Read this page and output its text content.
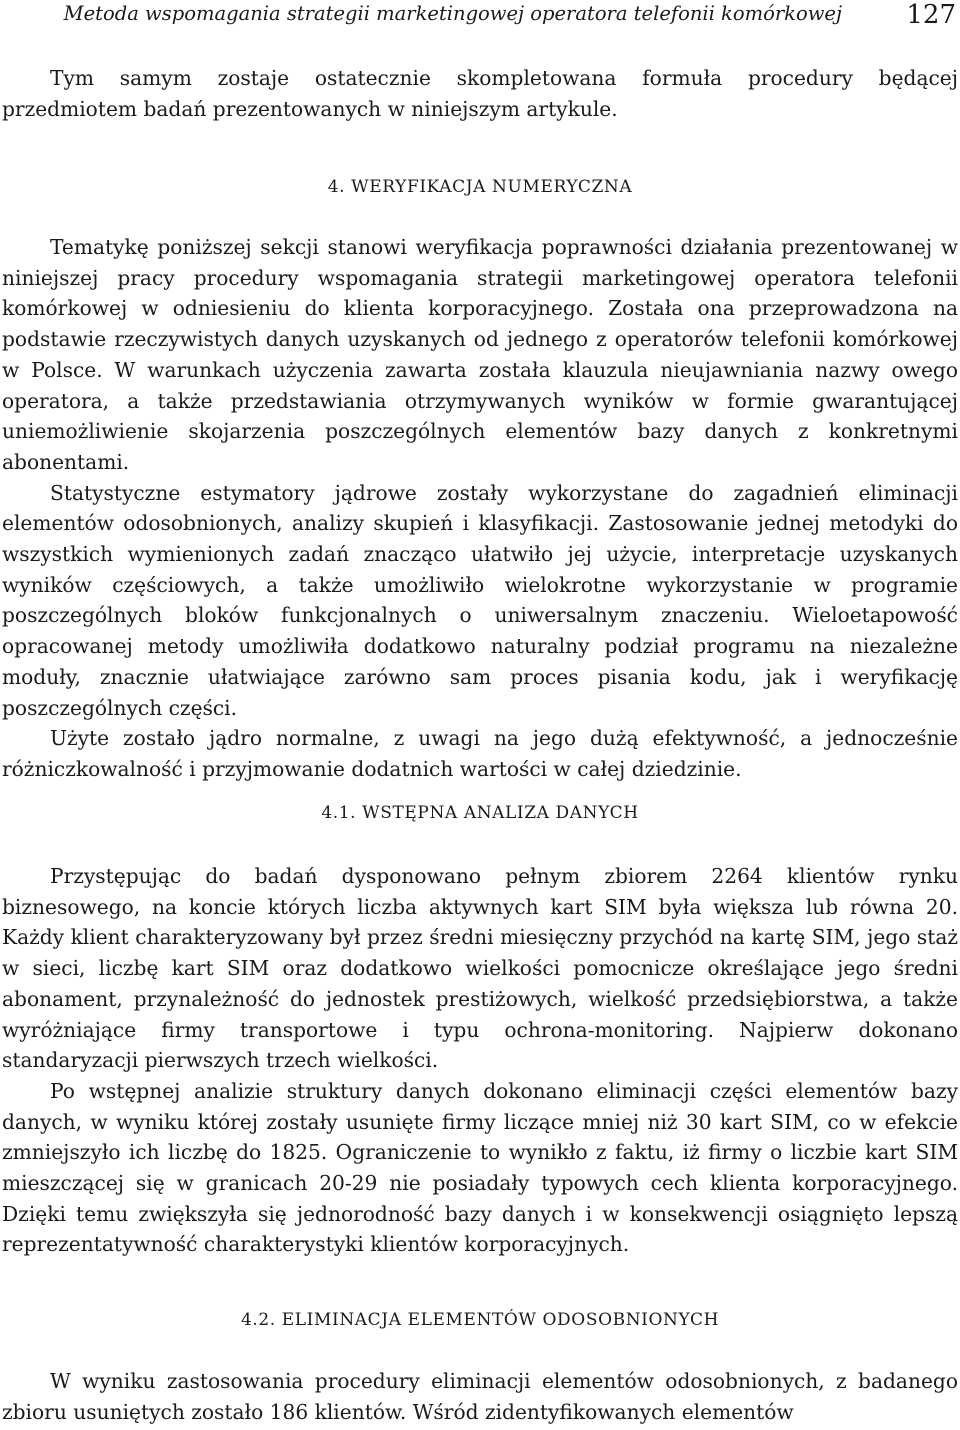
Metoda wspomagania strategii marketingowej operatora telefonii komórkowej 127

Tym samym zostaje ostatecznie skompletowana formuła procedury będącej przedmiotem badań prezentowanych w niniejszym artykule.

4. WERYFIKACJA NUMERYCZNA

Tematykę poniższej sekcji stanowi weryfikacja poprawności działania prezentowanej w niniejszej pracy procedury wspomagania strategii marketingowej operatora telefonii komórkowej w odniesieniu do klienta korporacyjnego. Została ona przeprowadzona na podstawie rzeczywistych danych uzyskanych od jednego z operatorów telefonii komórkowej w Polsce. W warunkach użyczenia zawarta została klauzula nieujawniania nazwy owego operatora, a także przedstawiania otrzymywanych wyników w formie gwarantującej uniemożliwienie skojarzenia poszczególnych elementów bazy danych z konkretnymi abonentami.

Statystyczne estymatory jądrowe zostały wykorzystane do zagadnień eliminacji elementów odosobnionych, analizy skupień i klasyfikacji. Zastosowanie jednej metodyki do wszystkich wymienionych zadań znacząco ułatwiło jej użycie, interpretacje uzyskanych wyników częściowych, a także umożliwiło wielokrotne wykorzystanie w programie poszczególnych bloków funkcjonalnych o uniwersalnym znaczeniu. Wieloetapowość opracowanej metody umożliwiła dodatkowo naturalny podział programu na niezależne moduły, znacznie ułatwiające zarówno sam proces pisania kodu, jak i weryfikację poszczególnych części.

Użyte zostało jądro normalne, z uwagi na jego dużą efektywność, a jednocześnie różniczkowalność i przyjmowanie dodatnich wartości w całej dziedzinie.

4.1. WSTĘPNA ANALIZA DANYCH

Przystępując do badań dysponowano pełnym zbiorem 2264 klientów rynku biznesowego, na koncie których liczba aktywnych kart SIM była większa lub równa 20. Każdy klient charakteryzowany był przez średni miesięczny przychód na kartę SIM, jego staż w sieci, liczbę kart SIM oraz dodatkowo wielkości pomocnicze określające jego średni abonament, przynależność do jednostek prestiżowych, wielkość przedsiębiorstwa, a także wyróżniające firmy transportowe i typu ochrona-monitoring. Najpierw dokonano standaryzacji pierwszych trzech wielkości.

Po wstępnej analizie struktury danych dokonano eliminacji części elementów bazy danych, w wyniku której zostały usunięte firmy liczące mniej niż 30 kart SIM, co w efekcie zmniejszyło ich liczbę do 1825. Ograniczenie to wynikło z faktu, iż firmy o liczbie kart SIM mieszczącej się w granicach 20-29 nie posiadały typowych cech klienta korporacyjnego. Dzięki temu zwiększyła się jednorodność bazy danych i w konsekwencji osiągnięto lepszą reprezentatywność charakterystyki klientów korporacyjnych.

4.2. ELIMINACJA ELEMENTÓW ODOSOBNIONYCH

W wyniku zastosowania procedury eliminacji elementów odosobnionych, z badanego zbioru usuniętych zostało 186 klientów. Wśród zidentyfikowanych elementów
